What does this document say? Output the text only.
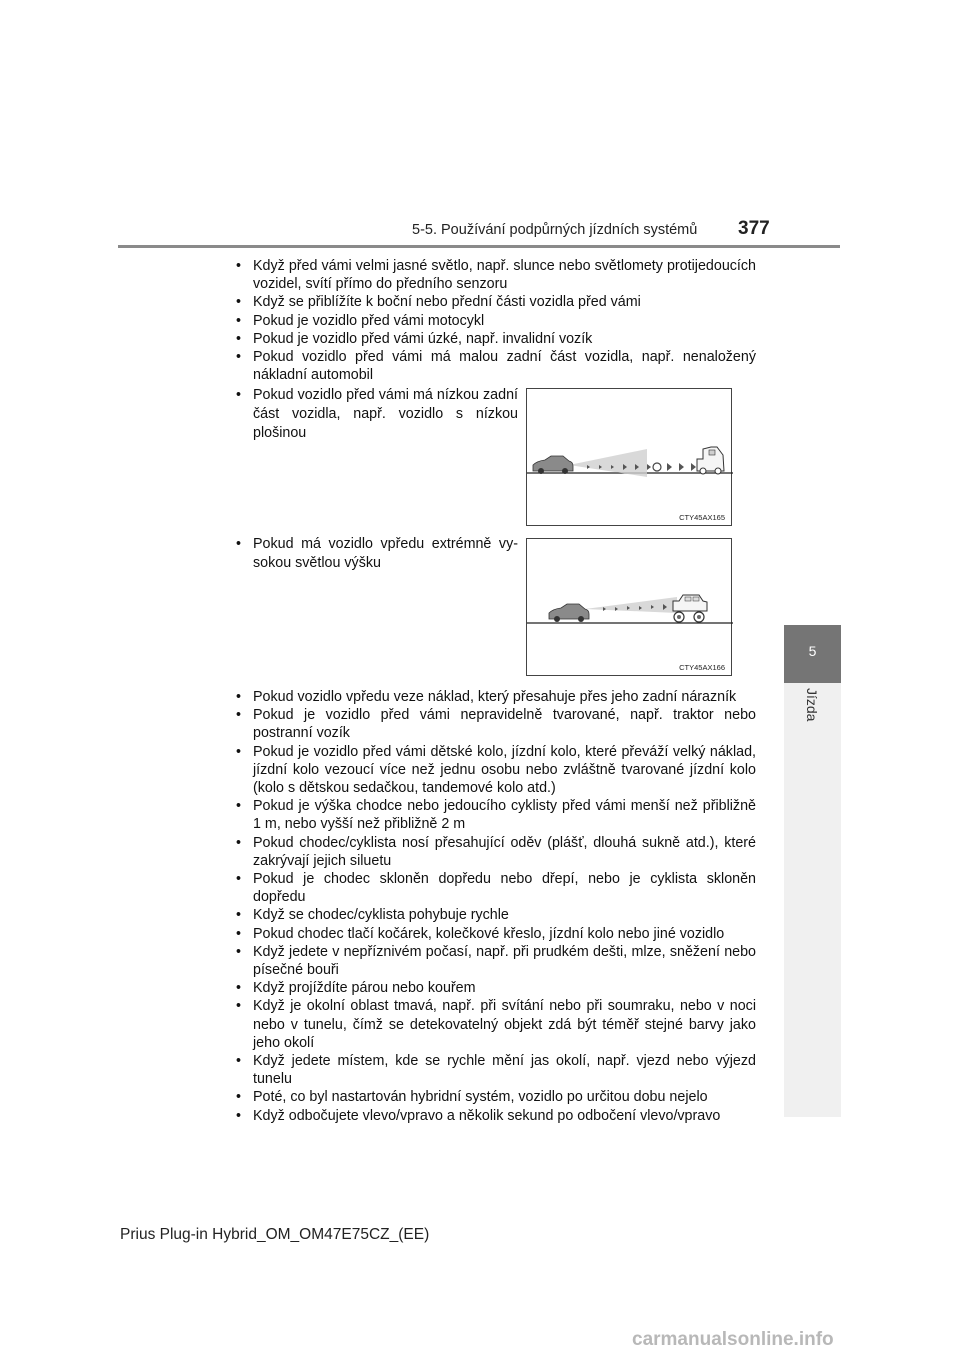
5-5. Používání podpůrných jízdních systémů 377
5
Jízda
• Když před vámi velmi jasné světlo, např. slunce nebo světlomety protijedoucích vozidel, svítí přímo do předního senzoru
• Když se přiblížíte k boční nebo přední části vozidla před vámi
• Pokud je vozidlo před vámi motocykl
• Pokud je vozidlo před vámi úzké, např. invalidní vozík
• Pokud vozidlo před vámi má malou zadní část vozidla, např. nenaložený nákladní automobil
• Pokud vozidlo před vámi má nízkou zadní část vozidla, např. vozidlo s nízkou plošinou
CTY45AX165
• Pokud má vozidlo vpředu extrémně vysokou světlou výšku
CTY45AX166
• Pokud vozidlo vpředu veze náklad, který přesahuje přes jeho zadní nárazník
• Pokud je vozidlo před vámi nepravidelně tvarované, např. traktor nebo postranní vozík
• Pokud je vozidlo před vámi dětské kolo, jízdní kolo, které převáží velký náklad, jízdní kolo vezoucí více než jednu osobu nebo zvláštně tvarované jízdní kolo (kolo s dětskou sedačkou, tandemové kolo atd.)
• Pokud je výška chodce nebo jedoucího cyklisty před vámi menší než přibližně 1 m, nebo vyšší než přibližně 2 m
• Pokud chodec/cyklista nosí přesahující oděv (plášť, dlouhá sukně atd.), které zakrývají jejich siluetu
• Pokud je chodec skloněn dopředu nebo dřepí, nebo je cyklista skloněn dopředu
• Když se chodec/cyklista pohybuje rychle
• Pokud chodec tlačí kočárek, kolečkové křeslo, jízdní kolo nebo jiné vozidlo
• Když jedete v nepříznivém počasí, např. při prudkém dešti, mlze, sněžení nebo písečné bouři
• Když projíždíte párou nebo kouřem
• Když je okolní oblast tmavá, např. při svítání nebo při soumraku, nebo v noci nebo v tunelu, čímž se detekovatelný objekt zdá být téměř stejné barvy jako jeho okolí
• Když jedete místem, kde se rychle mění jas okolí, např. vjezd nebo výjezd tunelu
• Poté, co byl nastartován hybridní systém, vozidlo po určitou dobu nejelo
• Když odbočujete vlevo/vpravo a několik sekund po odbočení vlevo/vpravo
Prius Plug-in Hybrid_OM_OM47E75CZ_(EE)
carmanualsonline.info
